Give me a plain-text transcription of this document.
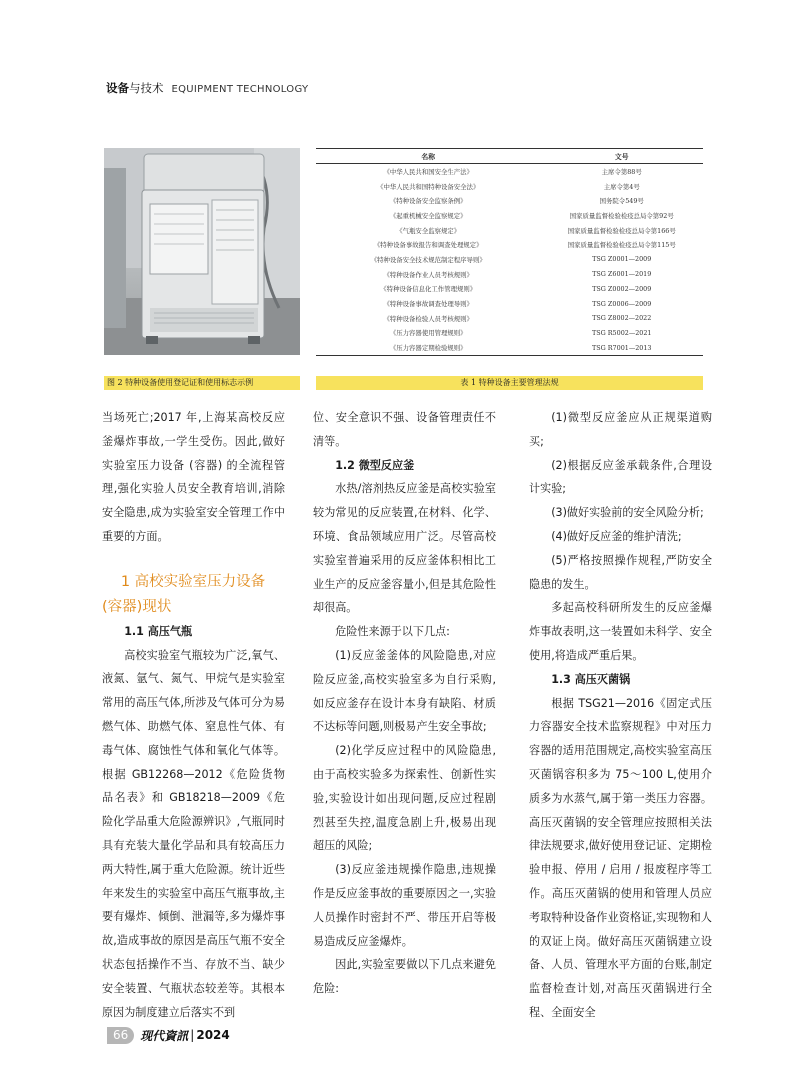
设备与技术 EQUIPMENT TECHNOLOGY
名称	文号
《中华人民共和国安全生产法》	主席令第88号
《中华人民共和国特种设备安全法》	主席令第4号
《特种设备安全监察条例》	国务院令549号
《起重机械安全监察规定》	国家质量监督检验检疫总局令第92号
《气瓶安全监察规定》	国家质量监督检验检疫总局令第166号
《特种设备事故报告和调查处理规定》	国家质量监督检验检疫总局令第115号
《特种设备安全技术规范制定程序导则》	TSG Z0001—2009
《特种设备作业人员考核规则》	TSG Z6001—2019
《特种设备信息化工作管理规则》	TSG Z0002—2009
《特种设备事故调查处理导则》	TSG Z0006—2009
《特种设备检验人员考核规则》	TSG Z8002—2022
《压力容器使用管理规则》	TSG R5002—2021
《压力容器定期检验规则》	TSG R7001—2013
图 2 特种设备使用登记证和使用标志示例	表 1 特种设备主要管理法规

当场死亡;2017 年,上海某高校反应釜爆炸事故,一学生受伤。因此,做好实验室压力设备 (容器) 的全流程管理,强化实验人员安全教育培训,消除安全隐患,成为实验室安全管理工作中重要的方面。

1 高校实验室压力设备
(容器)现状

1.1 高压气瓶

高校实验室气瓶较为广泛,氧气、液氮、氩气、氮气、甲烷气是实验室常用的高压气体,所涉及气体可分为易燃气体、助燃气体、窒息性气体、有毒气体、腐蚀性气体和氧化气体等。根据 GB12268—2012《危险货物品名表》和 GB18218—2009《危险化学品重大危险源辨识》,气瓶同时具有充装大量化学品和具有较高压力两大特性,属于重大危险源。统计近些年来发生的实验室中高压气瓶事故,主要有爆炸、倾倒、泄漏等,多为爆炸事故,造成事故的原因是高压气瓶不安全状态包括操作不当、存放不当、缺少安全装置、气瓶状态较差等。其根本原因为制度建立后落实不到

位、安全意识不强、设备管理责任不清等。

1.2 微型反应釜

水热/溶剂热反应釜是高校实验室较为常见的反应装置,在材料、化学、环境、食品领域应用广泛。尽管高校实验室普遍采用的反应釜体积相比工业生产的反应釜容量小,但是其危险性却很高。

危险性来源于以下几点:

(1)反应釜釜体的风险隐患,对应险反应釜,高校实验室多为自行采购,如反应釜存在设计本身有缺陷、材质不达标等问题,则极易产生安全事故;

(2)化学反应过程中的风险隐患,由于高校实验多为探索性、创新性实验,实验设计如出现问题,反应过程剧烈甚至失控,温度急剧上升,极易出现超压的风险;

(3)反应釜违规操作隐患,违规操作是反应釜事故的重要原因之一,实验人员操作时密封不严、带压开启等极易造成反应釜爆炸。

因此,实验室要做以下几点来避免危险:

(1)微型反应釜应从正规渠道购买;

(2)根据反应釜承载条件,合理设计实验;

(3)做好实验前的安全风险分析;

(4)做好反应釜的维护清洗;

(5)严格按照操作规程,严防安全隐患的发生。

多起高校科研所发生的反应釜爆炸事故表明,这一装置如未科学、安全使用,将造成严重后果。

1.3 高压灭菌锅

根据 TSG21—2016《固定式压力容器安全技术监察规程》中对压力容器的适用范围规定,高校实验室高压灭菌锅容积多为 75～100 L,使用介质多为水蒸气,属于第一类压力容器。高压灭菌锅的安全管理应按照相关法律法规要求,做好使用登记证、定期检验申报、停用 / 启用 / 报废程序等工作。高压灭菌锅的使用和管理人员应考取特种设备作业资格证,实现物和人的双证上岗。做好高压灭菌锅建立设备、人员、管理水平方面的台账,制定监督检查计划,对高压灭菌锅进行全程、全面安全

66	现代資訊 | 2024
